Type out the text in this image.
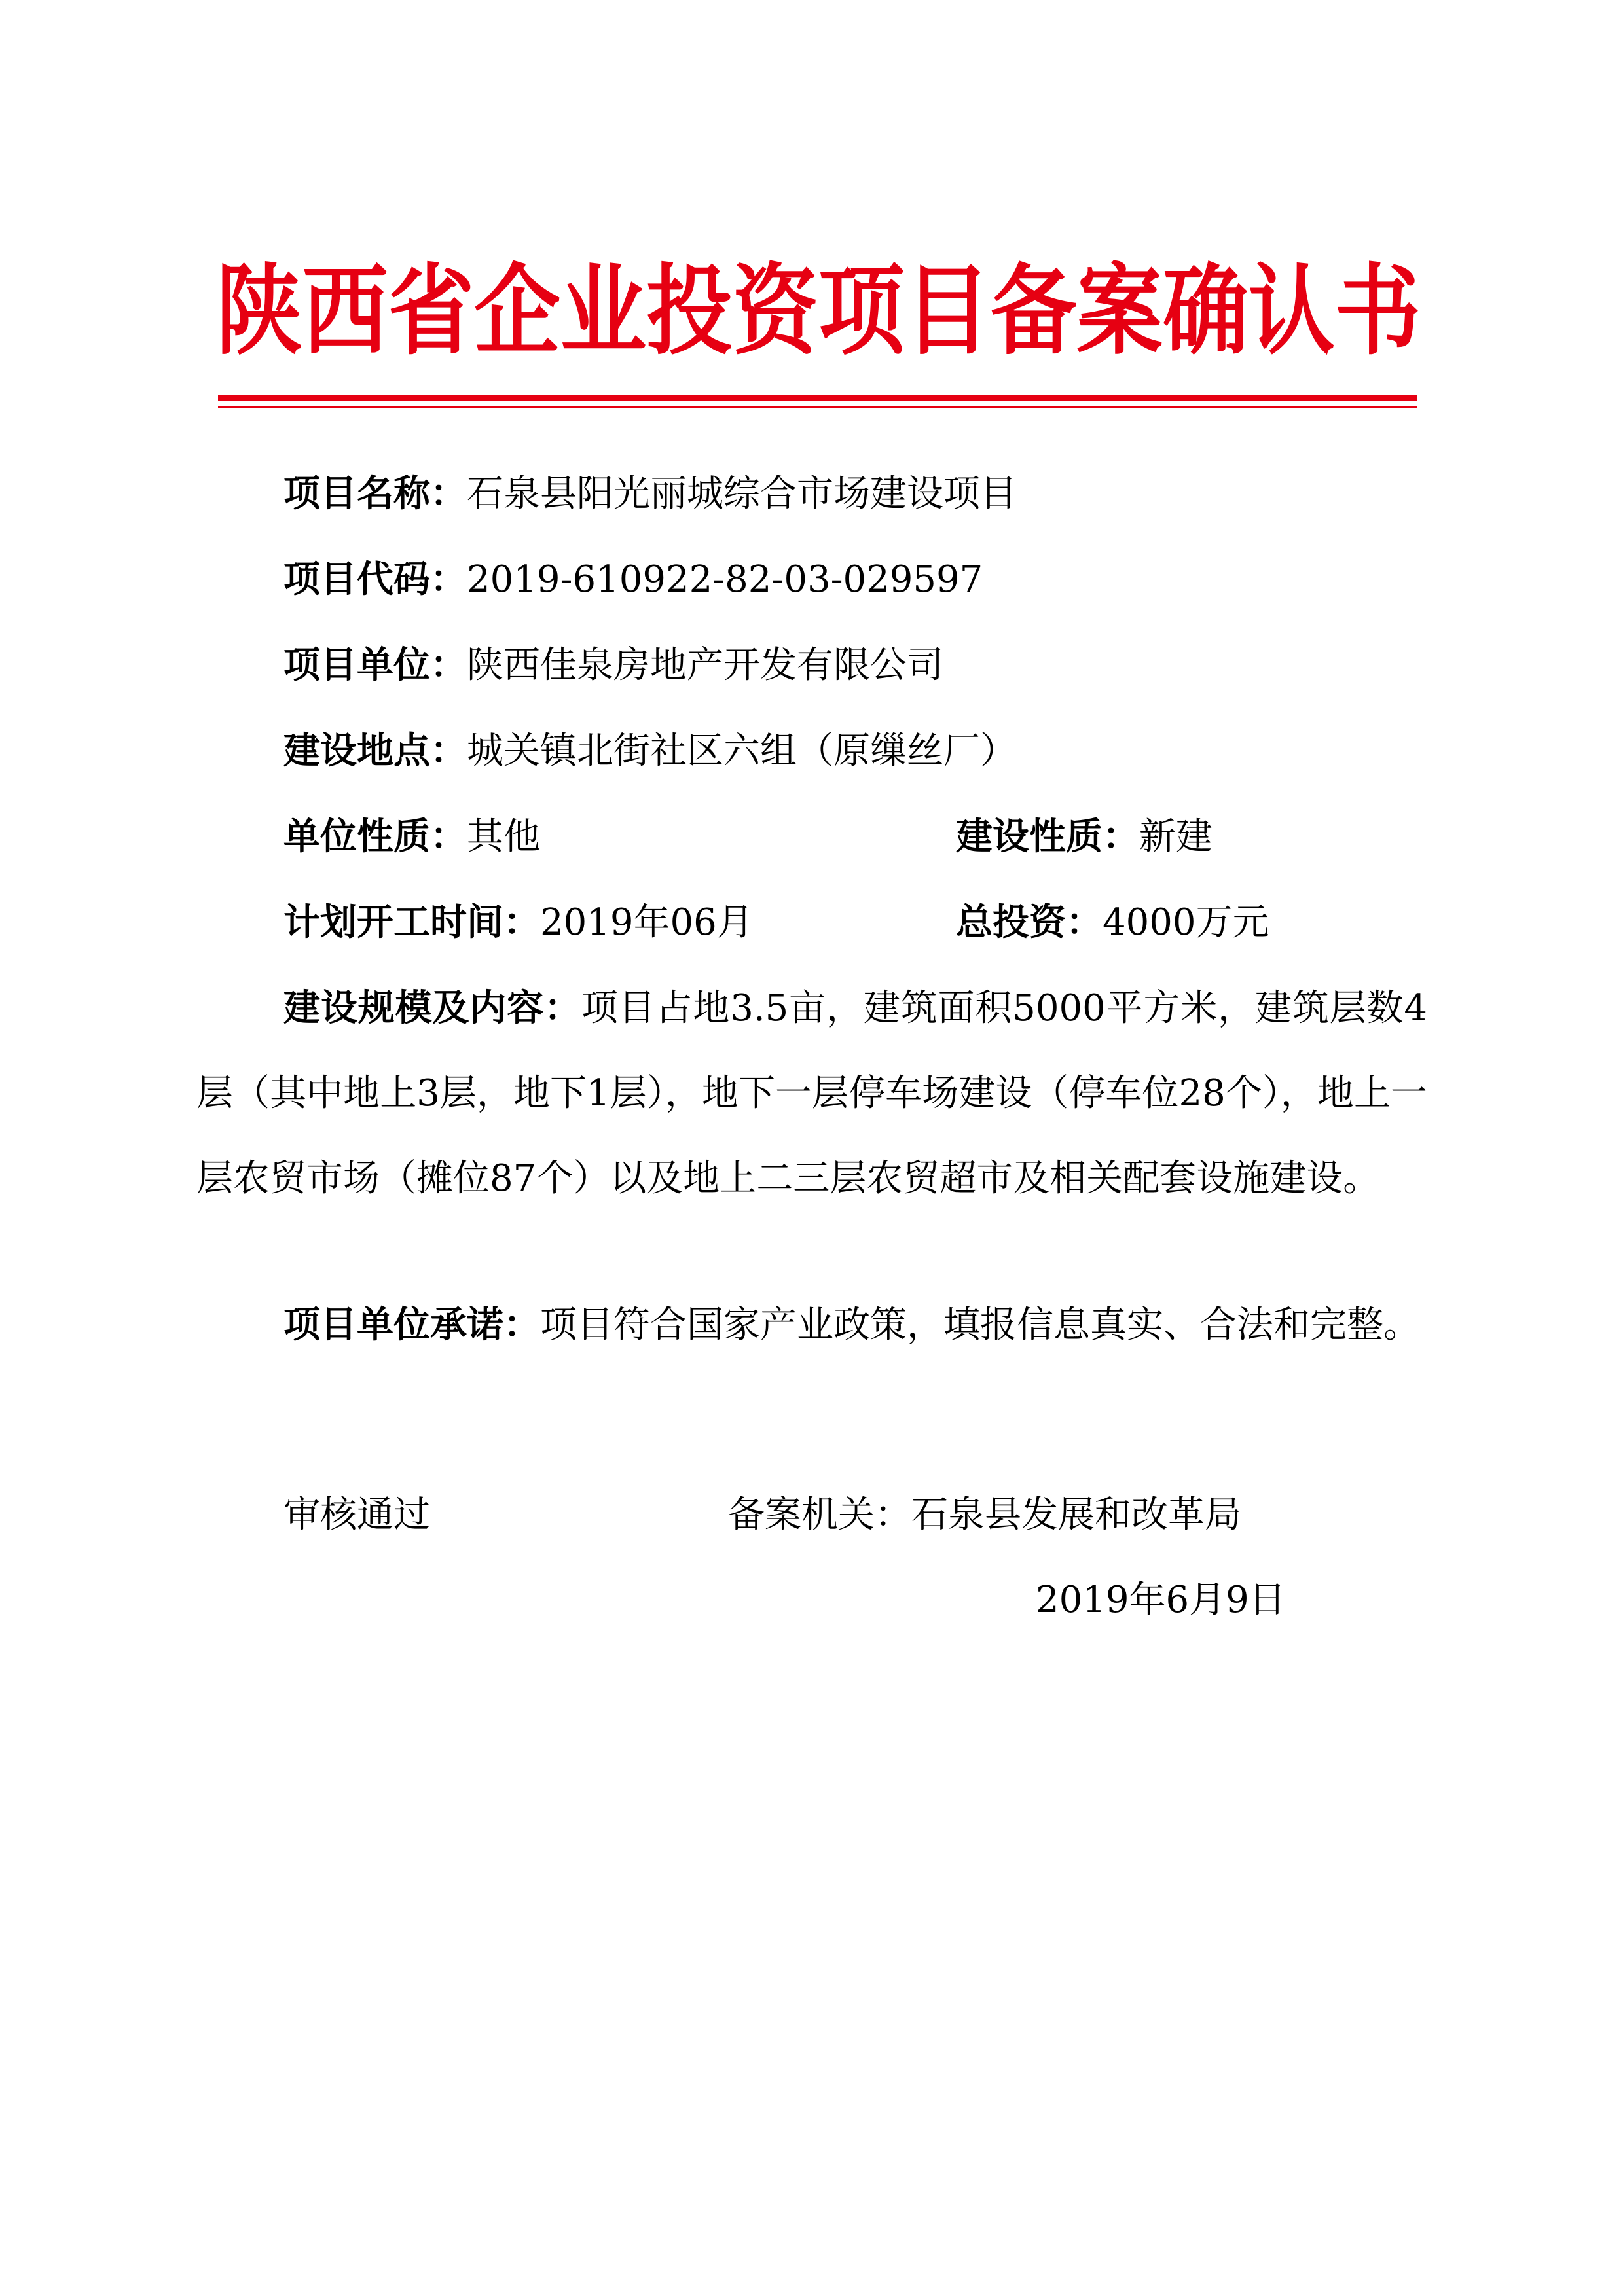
陕西省企业投资项目备案确认书
项目名称：石泉县阳光丽城综合市场建设项目
项目代码：2019-610922-82-03-029597
项目单位：陕西佳泉房地产开发有限公司
建设地点：城关镇北街社区六组（原缫丝厂）
单位性质：其他	建设性质：新建
计划开工时间：2019年06月	总投资：4000万元
建设规模及内容：项目占地3.5亩，建筑面积5000平方米，建筑层数4层（其中地上3层，地下1层），地下一层停车场建设（停车位28个），地上一层农贸市场（摊位87个）以及地上二三层农贸超市及相关配套设施建设。
项目单位承诺：项目符合国家产业政策，填报信息真实、合法和完整。
审核通过	备案机关：石泉县发展和改革局
2019年6月9日
